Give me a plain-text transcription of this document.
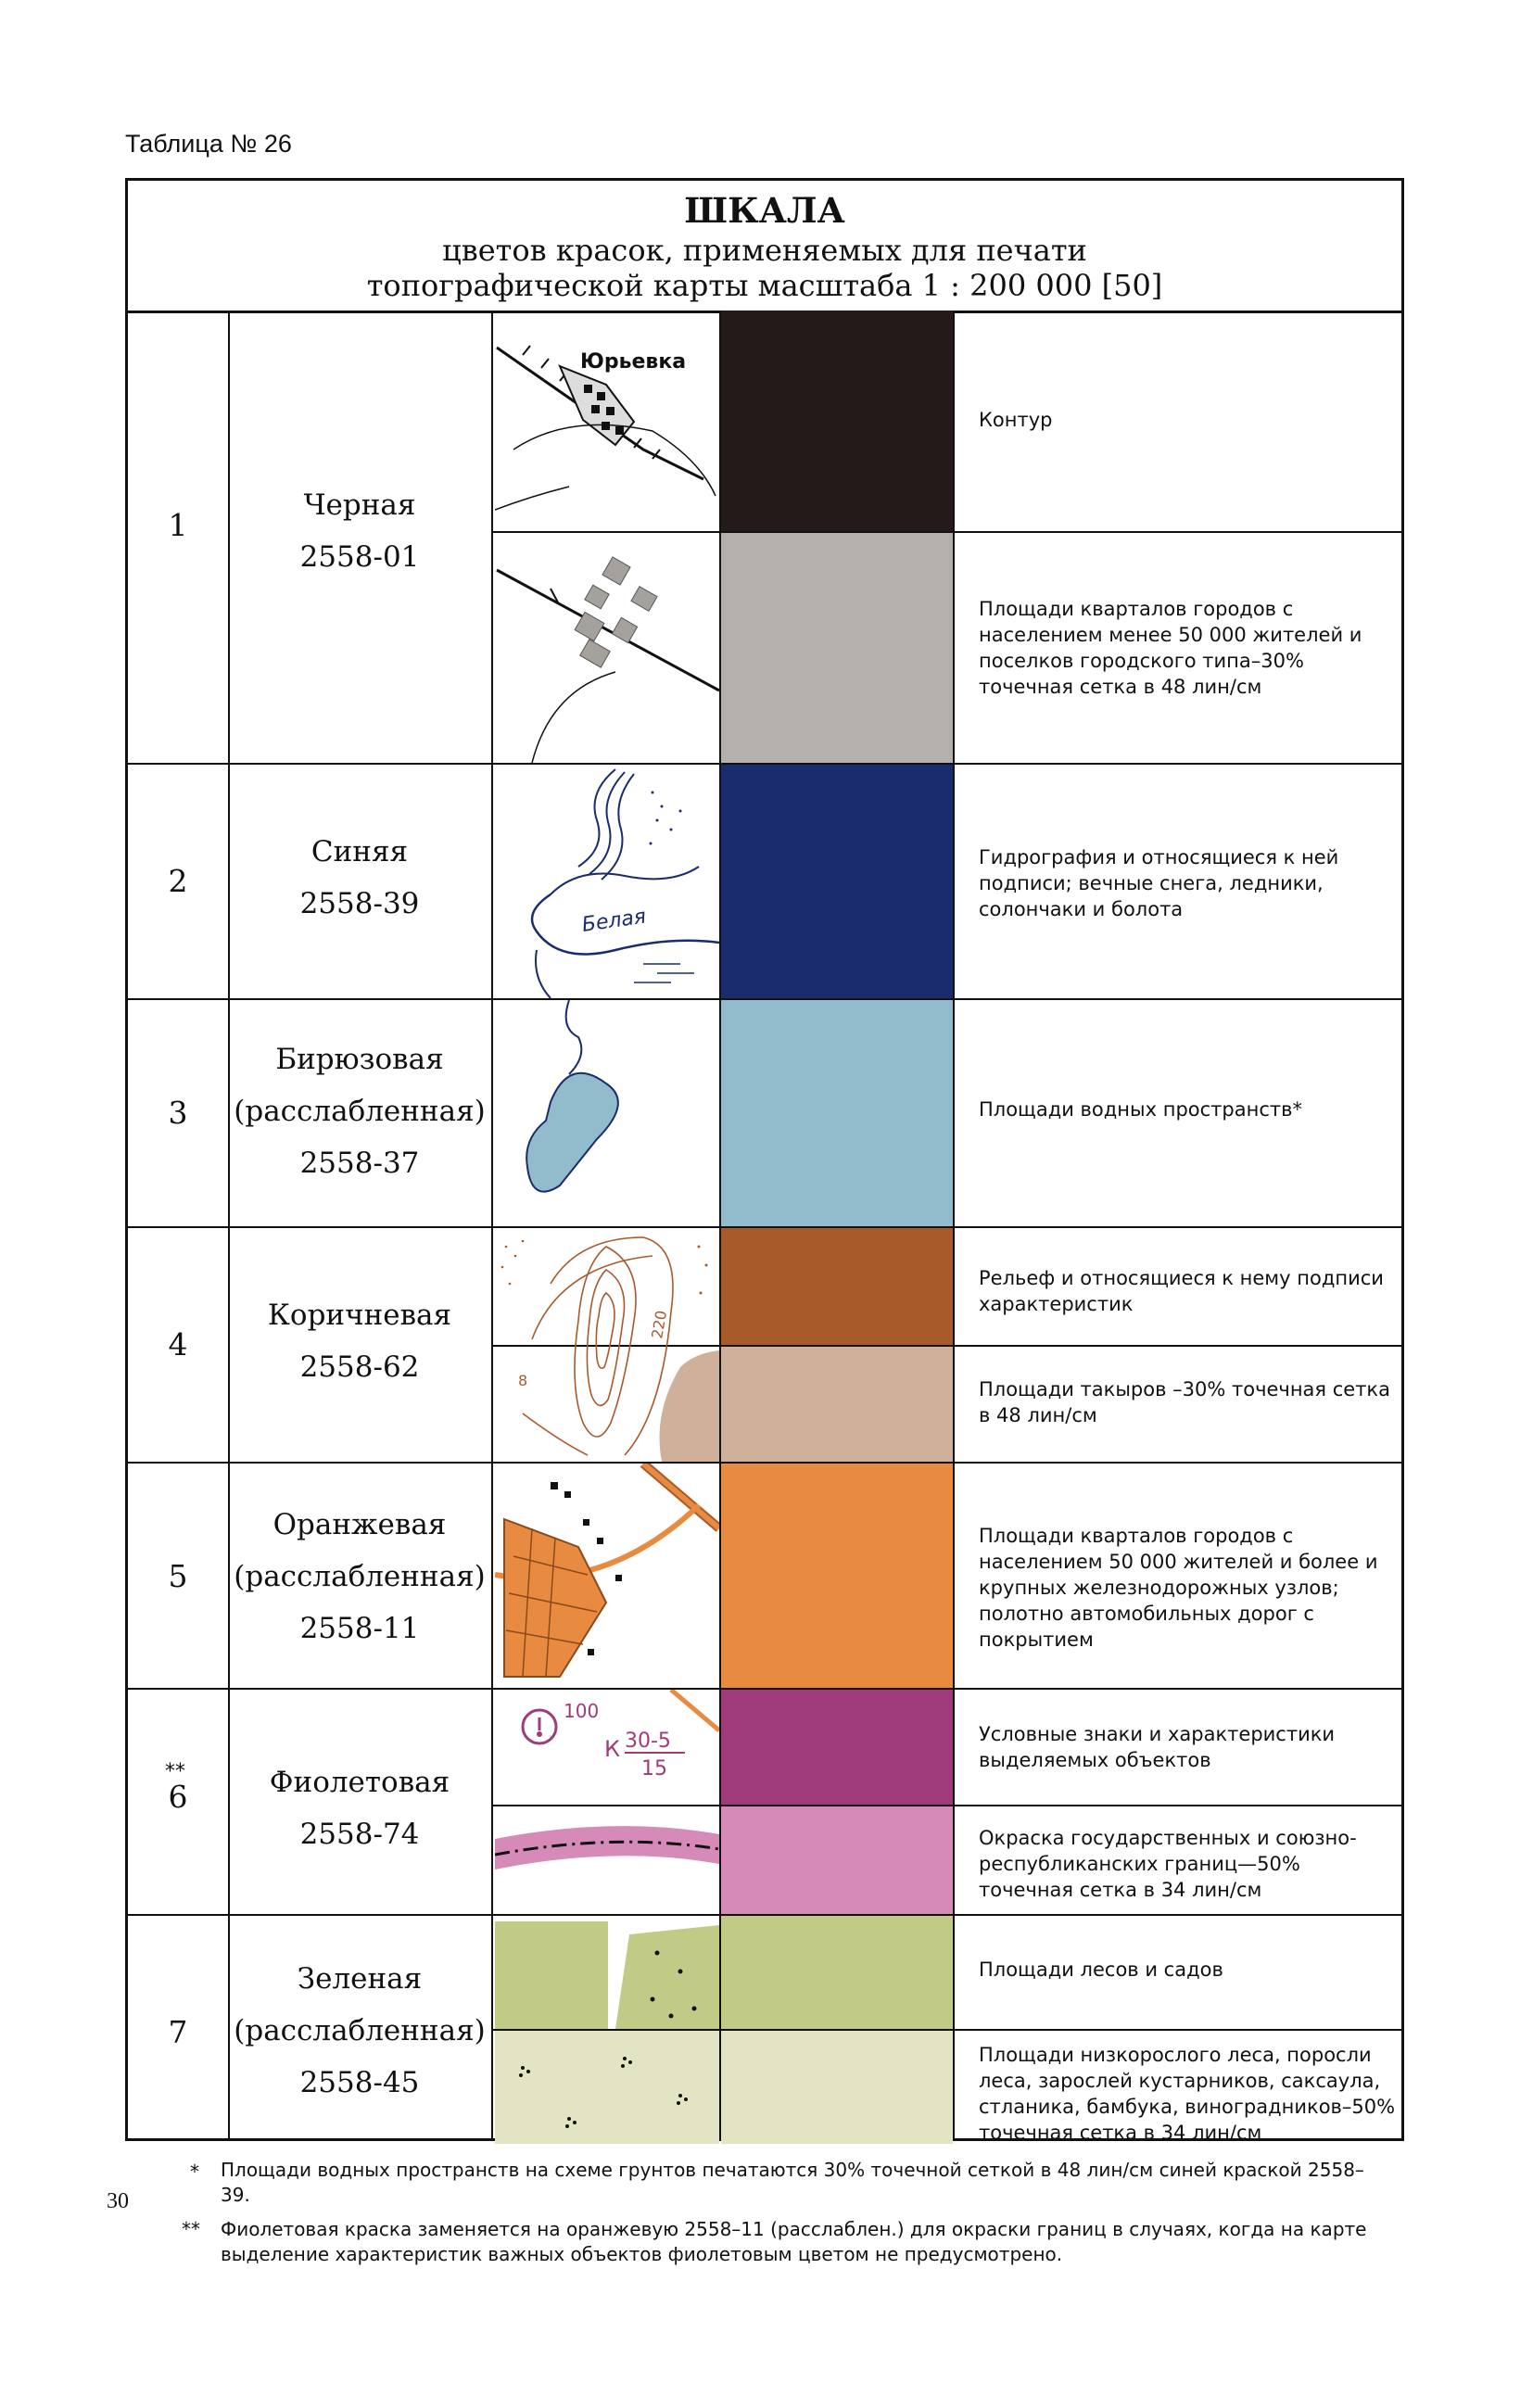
Таблица № 26
ШКАЛА
цветов красок, применяемых для печати
топографической карты масштаба 1 : 200 000 [50]
1
Черная
2558-01
Юрьевка
Контур
Площади кварталов городов с населением менее 50 000 жителей и поселков городского типа–30% точечная сетка в 48 лин/см
2
Синяя
2558-39
Белая
Гидрография и относящиеся к ней подписи; вечные снега, ледники, солончаки и болота
3
Бирюзовая
(расслабленная)
2558-37
Площади водных пространств*
4
Коричневая
2558-62
220
8
Рельеф и относящиеся к нему подписи характеристик
Площади такыров –30% точечная сетка в 48 лин/см
5
Оранжевая
(расслабленная)
2558-11
Площади кварталов городов с населением 50 000 жителей и более и крупных железнодорожных узлов; полотно автомобильных дорог с покрытием
**
6	Фиолетовая
2558-74
100
К 30-5
15
Условные знаки и характеристики выделяемых объектов
Окраска государственных и союзно-республиканских границ—50% точечная сетка в 34 лин/см
7
Зеленая
(расслабленная)
2558-45
Площади лесов и садов
Площади низкорослого леса, поросли леса, зарослей кустарников, саксаула, стланика, бамбука, виноградников–50% точечная сетка в 34 лин/см
* Площади водных пространств на схеме грунтов печатаются 30% точечной сеткой в 48 лин/см синей краской 2558–39.
30
** Фиолетовая краска заменяется на оранжевую 2558–11 (расслаблен.) для окраски границ в случаях, когда на карте выделение характеристик важных объектов фиолетовым цветом не предусмотрено.
